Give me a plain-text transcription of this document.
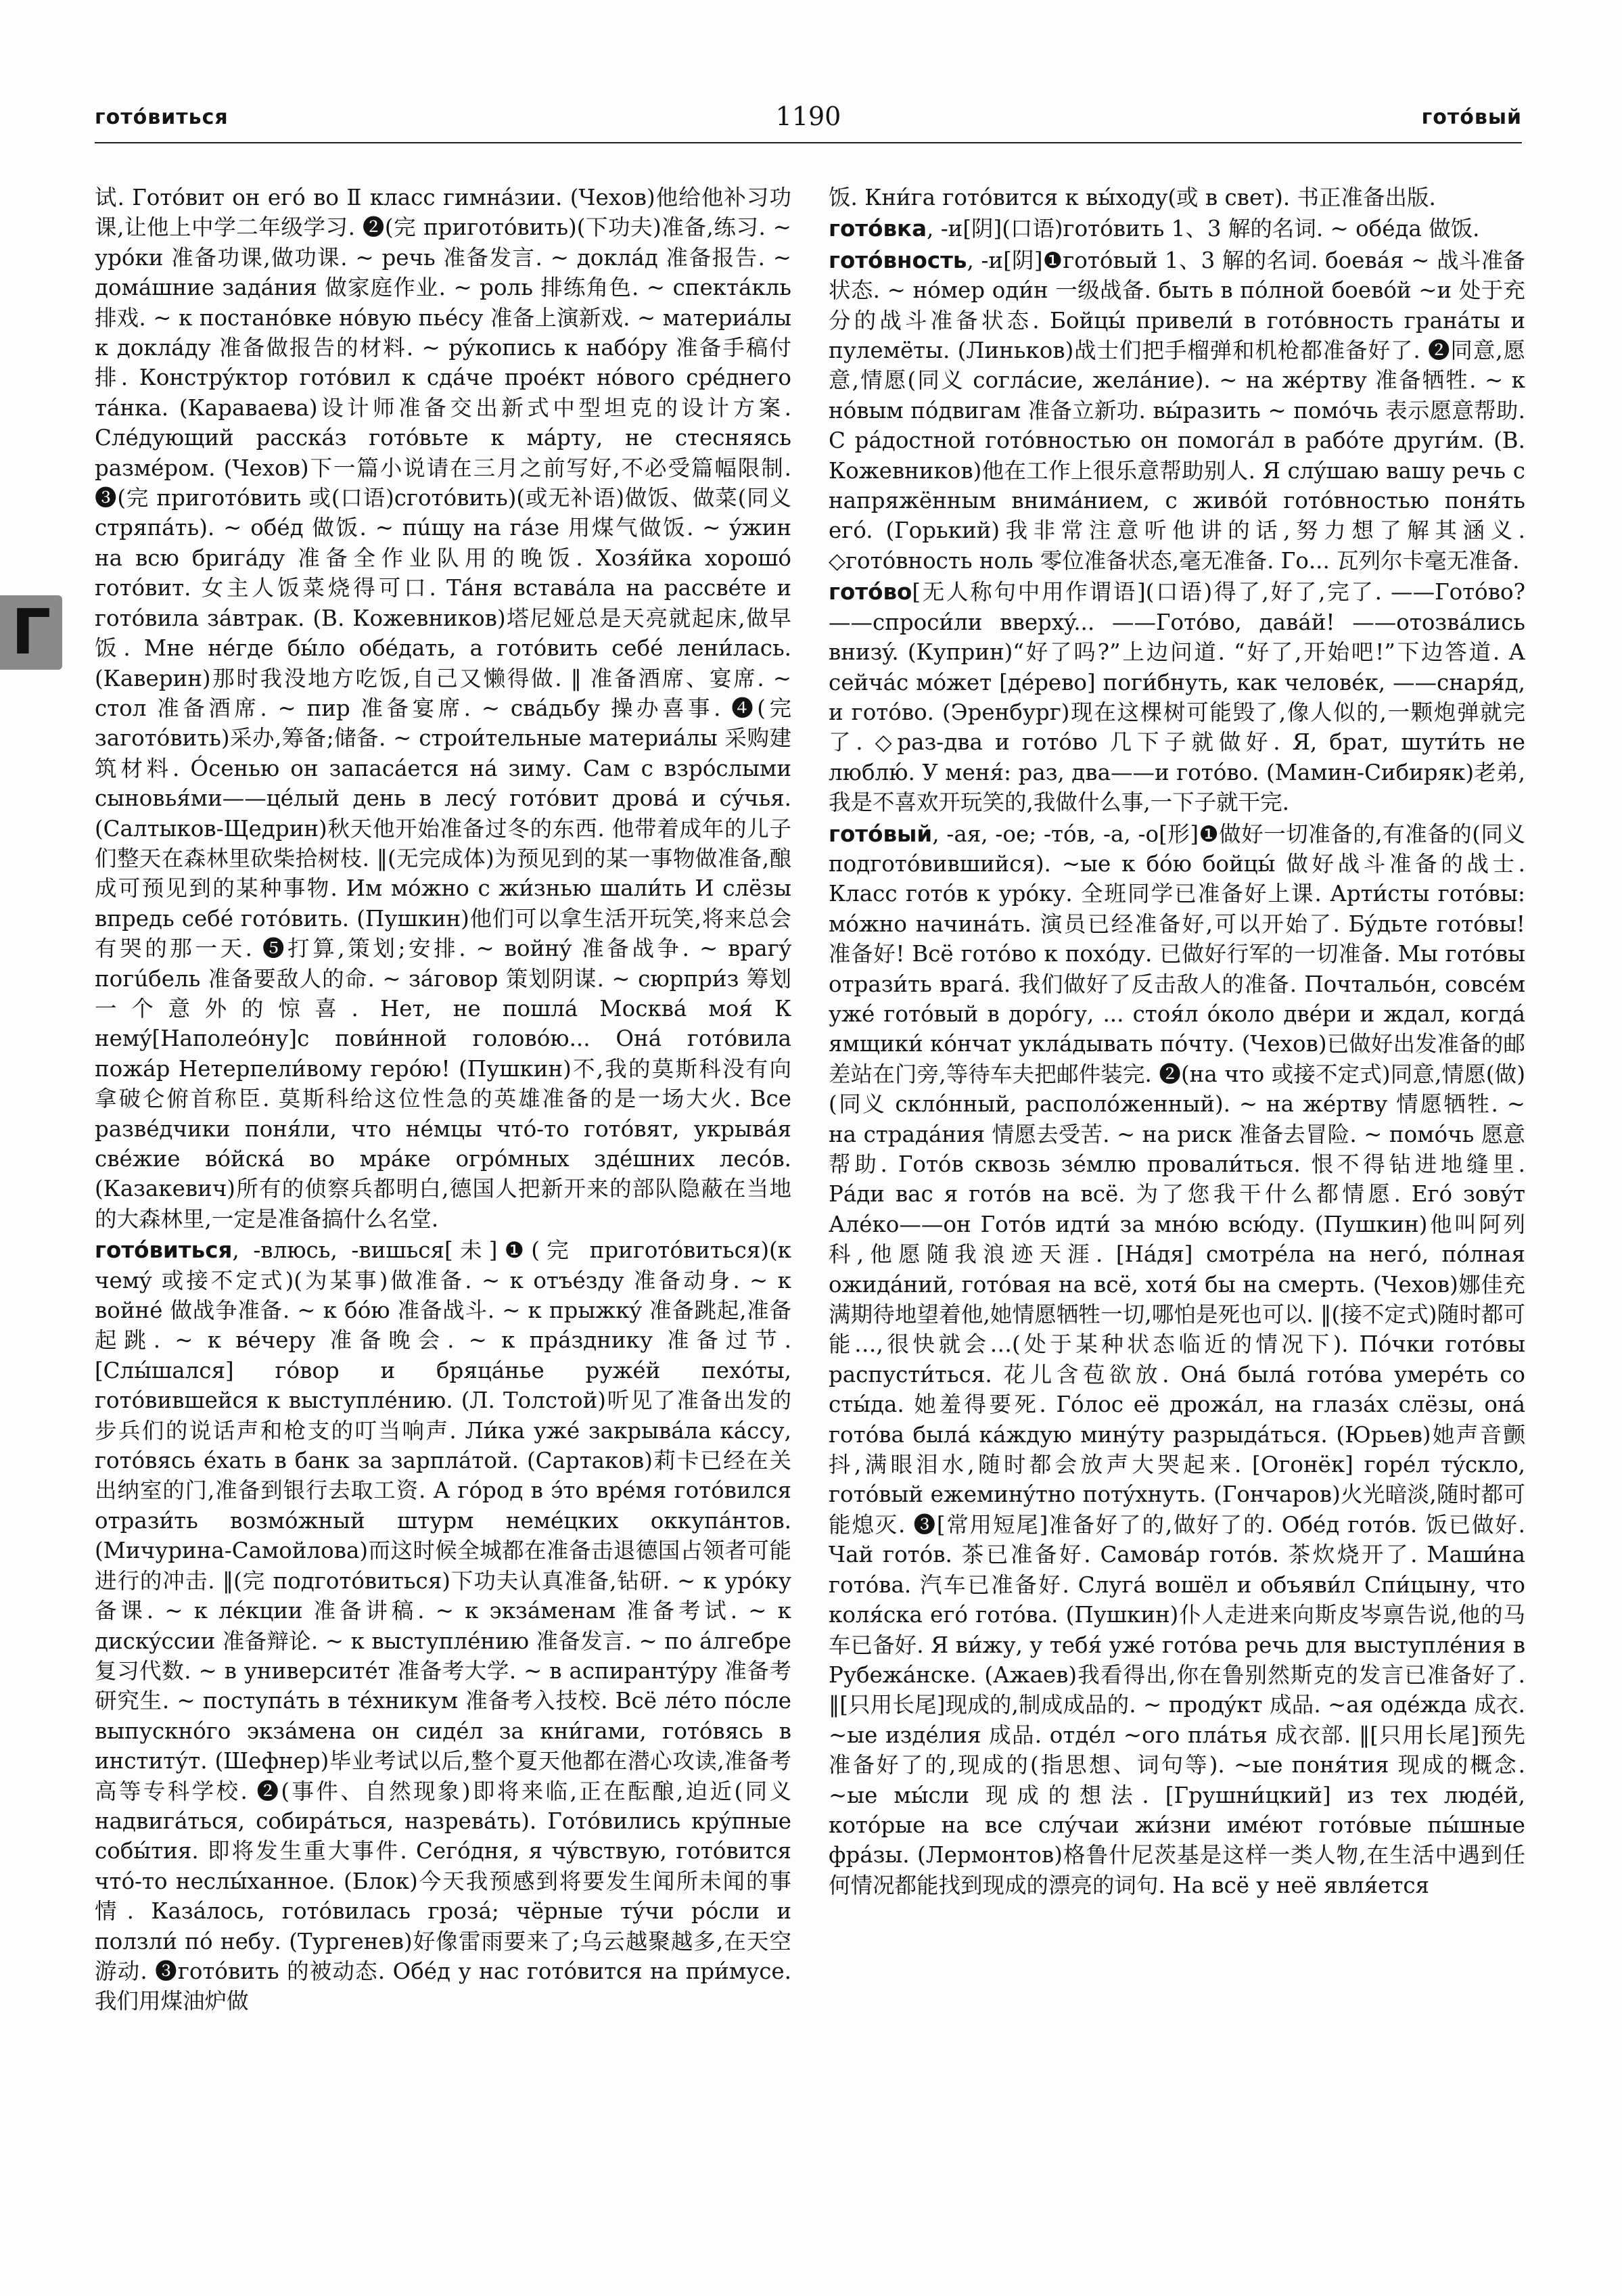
готóвиться	1190	готóвый
Г

试. Готóвит он егó во Ⅱ класс гимнáзии. (Чехов)他给他补习功课,让他上中学二年级学习. ❷(完 приготóвить)(下功夫)准备,练习. ~ урóки 准备功课,做功课. ~ речь 准备发言. ~ доклáд 准备报告. ~ домáшние задáния 做家庭作业. ~ роль 排练角色. ~ спектáкль 排戏. ~ к постанóвке нóвую пьéсу 准备上演新戏. ~ материáлы к доклáду 准备做报告的材料. ~ рýкопись к набóру 准备手稿付排. Констрýктор готóвил к сдáче проéкт нóвого срéднего тáнка. (Караваева)设计师准备交出新式中型坦克的设计方案. Слéдующий расскáз готóвьте к мáрту, не стесняясь размéром. (Чехов)下一篇小说请在三月之前写好,不必受篇幅限制. ❸(完 приготóвить 或(口语)сготóвить)(或无补语)做饭、做菜(同义 стряпáть). ~ обéд 做饭. ~ пúщу на гáзе 用煤气做饭. ~ ýжин на всю бригáду 准备全作业队用的晚饭. Хозя́йка хорошó готóвит. 女主人饭菜烧得可口. Тáня вставáла на рассвéте и готóвила зáвтрак. (В. Кожевников)塔尼娅总是天亮就起床,做早饭. Мне нéгде бы́ло обéдать, а готóвить себé лени́лась. (Каверин)那时我没地方吃饭,自己又懒得做. ‖ 准备酒席、宴席. ~ стол 准备酒席. ~ пир 准备宴席. ~ свáдьбу 操办喜事. ❹(完 заготóвить)采办,筹备;储备. ~ строи́тельные материáлы 采购建筑材料. Óсенью он запасáется нá зиму. Сам с взрóслыми сыновья́ми——цéлый день в лесý готóвит дровá и сýчья. (Салтыков-Щедрин)秋天他开始准备过冬的东西. 他带着成年的儿子们整天在森林里砍柴拾树枝. ‖(无完成体)为预见到的某一事物做准备,酿成可预见到的某种事物. Им мóжно с жи́знью шали́ть И слёзы впредь себé готóвить. (Пушкин)他们可以拿生活开玩笑,将来总会有哭的那一天. ❺打算,策划;安排. ~ войнý 准备战争. ~ врагý погúбель 准备要敌人的命. ~ зáговор 策划阴谋. ~ сюрпри́з 筹划一个意外的惊喜. Нет, не пошлá Москвá моя́ К немý[Наполеóну]с пови́нной головóю... Онá готóвила пожáр Нетерпели́вому герóю! (Пушкин)不,我的莫斯科没有向拿破仑俯首称臣. 莫斯科给这位性急的英雄准备的是一场大火. Все развéдчики поня́ли, что нéмцы чтó-то готóвят, укрывáя свéжие вóйскá во мрáке огрóмных здéшних лесóв. (Казакевич)所有的侦察兵都明白,德国人把新开来的部队隐蔽在当地的大森林里,一定是准备搞什么名堂.

готóвиться, -влюсь, -вишься[未]❶(完 приготóвиться)(к чемý 或接不定式)(为某事)做准备. ~ к отъéзду 准备动身. ~ к войнé 做战争准备. ~ к бóю 准备战斗. ~ к прыжкý 准备跳起,准备起跳. ~ к вéчеру 准备晚会. ~ к прáзднику 准备过节. [Слы́шался] гóвор и бряцáнье ружéй пехóты, готóвившейся к выступлéнию. (Л. Толстой)听见了准备出发的步兵们的说话声和枪支的叮当响声. Ли́ка ужé закрывáла кáссу, готóвясь éхать в банк за зарплáтой. (Сартаков)莉卡已经在关出纳室的门,准备到银行去取工资. А гóрод в э́то врéмя готóвился отрази́ть возмóжный штурм немéцких оккупáнтов. (Мичурина-Самойлова)而这时候全城都在准备击退德国占领者可能进行的冲击. ‖(完 подготóвиться)下功夫认真准备,钻研. ~ к урóку 备课. ~ к лéкции 准备讲稿. ~ к экзáменам 准备考试. ~ к дискýссии 准备辩论. ~ к выступлéнию 准备发言. ~ по áлгебре 复习代数. ~ в университéт 准备考大学. ~ в аспирантýру 准备考研究生. ~ поступáть в тéхникум 准备考入技校. Всё лéто пóсле выпускнóго экзáмена он сидéл за кни́гами, готóвясь в институ́т. (Шефнер)毕业考试以后,整个夏天他都在潜心攻读,准备考高等专科学校. ❷(事件、自然现象)即将来临,正在酝酿,迫近(同义 надвигáться, собирáться, назревáть). Готóвились крýпные собы́тия. 即将发生重大事件. Сегóдня, я чýвствую, готóвится чтó-то неслы́ханное. (Блок)今天我预感到将要发生闻所未闻的事情. Казáлось, готóвилась грозá; чёрные тýчи рóсли и ползли́ пó небу. (Тургенев)好像雷雨要来了;乌云越聚越多,在天空游动. ❸готóвить 的被动态. Обéд у нас готóвится на при́мусе. 我们用煤油炉做

饭. Кни́га готóвится к вы́ходу(或 в свет). 书正准备出版.

готóвка, -и[阴](口语)готóвить 1、3 解的名词. ~ обéда 做饭.

готóвность, -и[阴]❶готóвый 1、3 解的名词. боевáя ~ 战斗准备状态. ~ нóмер оди́н 一级战备. быть в пóлной боевóй ~и 处于充分的战斗准备状态. Бойцы́ привели́ в готóвность гранáты и пулемёты. (Линьков)战士们把手榴弹和机枪都准备好了. ❷同意,愿意,情愿(同义 соглáсие, желáние). ~ на жéртву 准备牺牲. ~ к нóвым пóдвигам 准备立新功. вы́разить ~ помóчь 表示愿意帮助. С рáдостной готóвностью он помогáл в рабóте други́м. (В. Кожевников)他在工作上很乐意帮助别人. Я слýшаю вашу речь с напряжённым внимáнием, с живóй готóвностью поня́ть егó. (Горький)我非常注意听他讲的话,努力想了解其涵义. ◇готóвность ноль 零位准备状态,毫无准备. Го... 瓦列尔卡毫无准备.

готóво[无人称句中用作谓语](口语)得了,好了,完了. ——Готóво? ——спроси́ли вверхý... ——Готóво, давáй! ——отозвáлись внизý. (Куприн)“好了吗?”上边问道. “好了,开始吧!”下边答道. А сейчáс мóжет [дéрево] поги́бнуть, как человéк, ——снаря́д, и готóво. (Эренбург)现在这棵树可能毁了,像人似的,一颗炮弹就完了. ◇раз-два и готóво 几下子就做好. Я, брат, шути́ть не люблю́. У меня́: раз, два——и готóво. (Мамин-Сибиряк)老弟,我是不喜欢开玩笑的,我做什么事,一下子就干完.

готóвый, -ая, -ое; -тóв, -а, -о[形]❶做好一切准备的,有准备的(同义 подготóвившийся). ~ые к бóю бойцы́ 做好战斗准备的战士. Класс готóв к урóку. 全班同学已准备好上课. Арти́сты готóвы: мóжно начинáть. 演员已经准备好,可以开始了. Бýдьте готóвы! 准备好! Всё готóво к похóду. 已做好行军的一切准备. Мы готóвы отрази́ть врагá. 我们做好了反击敌人的准备. Почтальóн, совсéм ужé готóвый в дорóгу, ... стоя́л óколо двéри и ждал, когдá ямщики́ кóнчат уклáдывать пóчту. (Чехов)已做好出发准备的邮差站在门旁,等待车夫把邮件装完. ❷(на что 或接不定式)同意,情愿(做)(同义 склóнный, распoлóженный). ~ на жéртву 情愿牺牲. ~ на страдáния 情愿去受苦. ~ на риск 准备去冒险. ~ помóчь 愿意帮助. Готóв сквозь зéмлю провали́ться. 恨不得钻进地缝里. Рáди вас я готóв на всё. 为了您我干什么都情愿. Егó зовýт Алéко——он Готóв идти́ за мнóю всю́ду. (Пушкин)他叫阿列科,他愿随我浪迹天涯. [Нáдя] смотрéла на негó, пóлная ожидáний, готóвая на всё, хотя́ бы на смерть. (Чехов)娜佳充满期待地望着他,她情愿牺牲一切,哪怕是死也可以. ‖(接不定式)随时都可能…,很快就会…(处于某种状态临近的情况下). Пóчки готóвы распусти́ться. 花儿含苞欲放. Онá былá готóва умерéть со сты́да. 她羞得要死. Гóлос её дрожáл, на глазáх слёзы, онá готóва былá кáждую минýту разрыдáться. (Юрьев)她声音颤抖,满眼泪水,随时都会放声大哭起来. [Огонёк] горéл тýскло, готóвый ежеминýтно потýхнуть. (Гончаров)火光暗淡,随时都可能熄灭. ❸[常用短尾]准备好了的,做好了的. Обéд готóв. 饭已做好. Чай готóв. 茶已准备好. Самовáр готóв. 茶炊烧开了. Маши́на готóва. 汽车已准备好. Слугá вошёл и объяви́л Спи́цыну, что коля́ска егó готóва. (Пушкин)仆人走进来向斯皮岑禀告说,他的马车已备好. Я ви́жу, у тебя́ ужé готóва речь для выступлéния в Рубежáнске. (Ажаев)我看得出,你在鲁别然斯克的发言已准备好了. ‖[只用长尾]现成的,制成成品的. ~ продýкт 成品. ~ая одéжда 成衣. ~ые издéлия 成品. отдéл ~ого плáтья 成衣部. ‖[只用长尾]预先准备好了的,现成的(指思想、词句等). ~ые поня́тия 现成的概念. ~ые мы́сли 现成的想法. [Грушни́цкий] из тех людéй, котóрые на все слýчаи жи́зни имéют готóвые пы́шные фрáзы. (Лермонтов)格鲁什尼茨基是这样一类人物,在生活中遇到任何情况都能找到现成的漂亮的词句. На всё у неё явля́ется
